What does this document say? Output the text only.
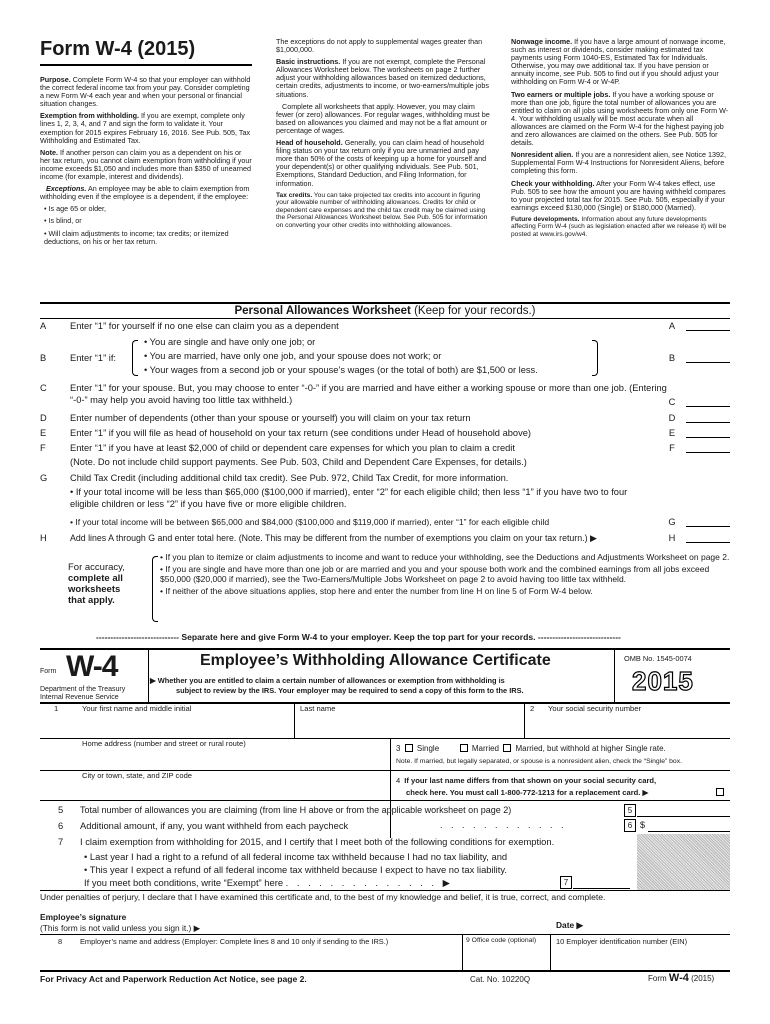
Form W-4 (2015)

Purpose. Complete Form W-4 so that your employer can withhold the correct federal income tax from your pay. Consider completing a new Form W-4 each year and when your personal or financial situation changes.

Exemption from withholding. If you are exempt, complete only lines 1, 2, 3, 4, and 7 and sign the form to validate it. Your exemption for 2015 expires February 16, 2016. See Pub. 505, Tax Withholding and Estimated Tax.

Note. If another person can claim you as a dependent on his or her tax return, you cannot claim exemption from withholding if your income exceeds $1,050 and includes more than $350 of unearned income (for example, interest and dividends).

Exceptions. An employee may be able to claim exemption from withholding even if the employee is a dependent, if the employee:

• Is age 65 or older,

• Is blind, or

• Will claim adjustments to income; tax credits; or itemized deductions, on his or her tax return.

The exceptions do not apply to supplemental wages greater than $1,000,000.

Basic instructions. If you are not exempt, complete the Personal Allowances Worksheet below. The worksheets on page 2 further adjust your withholding allowances based on itemized deductions, certain credits, adjustments to income, or two-earners/multiple jobs situations.

Complete all worksheets that apply. However, you may claim fewer (or zero) allowances. For regular wages, withholding must be based on allowances you claimed and may not be a flat amount or percentage of wages.

Head of household. Generally, you can claim head of household filing status on your tax return only if you are unmarried and pay more than 50% of the costs of keeping up a home for yourself and your dependent(s) or other qualifying individuals. See Pub. 501, Exemptions, Standard Deduction, and Filing Information, for information.

Tax credits. You can take projected tax credits into account in figuring your allowable number of withholding allowances. Credits for child or dependent care expenses and the child tax credit may be claimed using the Personal Allowances Worksheet below. See Pub. 505 for information on converting your other credits into withholding allowances.

Nonwage income. If you have a large amount of nonwage income, such as interest or dividends, consider making estimated tax payments using Form 1040-ES, Estimated Tax for Individuals. Otherwise, you may owe additional tax. If you have pension or annuity income, see Pub. 505 to find out if you should adjust your withholding on Form W-4 or W-4P.

Two earners or multiple jobs. If you have a working spouse or more than one job, figure the total number of allowances you are entitled to claim on all jobs using worksheets from only one Form W-4. Your withholding usually will be most accurate when all allowances are claimed on the Form W-4 for the highest paying job and zero allowances are claimed on the others. See Pub. 505 for details.

Nonresident alien. If you are a nonresident alien, see Notice 1392, Supplemental Form W-4 Instructions for Nonresident Aliens, before completing this form.

Check your withholding. After your Form W-4 takes effect, use Pub. 505 to see how the amount you are having withheld compares to your projected total tax for 2015. See Pub. 505, especially if your earnings exceed $130,000 (Single) or $180,000 (Married).

Future developments. Information about any future developments affecting Form W-4 (such as legislation enacted after we release it) will be posted at www.irs.gov/w4.

Personal Allowances Worksheet (Keep for your records.)
A	Enter “1” for yourself if no one else can claim you as a dependent	A
B	Enter “1” if:
• You are single and have only one job; or
• You are married, have only one job, and your spouse does not work; or
• Your wages from a second job or your spouse’s wages (or the total of both) are $1,500 or less.
B
C	Enter “1” for your spouse. But, you may choose to enter “-0-” if you are married and have either a working spouse or more than one job. (Entering “-0-” may help you avoid having too little tax withheld.)	C
D	Enter number of dependents (other than your spouse or yourself) you will claim on your tax return	D
E	Enter “1” if you will file as head of household on your tax return (see conditions under Head of household above)	E
F	Enter “1” if you have at least $2,000 of child or dependent care expenses for which you plan to claim a credit
(Note. Do not include child support payments. See Pub. 503, Child and Dependent Care Expenses, for details.)
F
G	Child Tax Credit (including additional child tax credit). See Pub. 972, Child Tax Credit, for more information.
• If your total income will be less than $65,000 ($100,000 if married), enter “2” for each eligible child; then less “1” if you have two to four eligible children or less “2” if you have five or more eligible children.
• If your total income will be between $65,000 and $84,000 ($100,000 and $119,000 if married), enter “1” for each eligible child	G
H	Add lines A through G and enter total here. (Note. This may be different from the number of exemptions you claim on your tax return.) ▶	H
For accuracy,
complete all
worksheets
that apply.

• If you plan to itemize or claim adjustments to income and want to reduce your withholding, see the Deductions and Adjustments Worksheet on page 2.

• If you are single and have more than one job or are married and you and your spouse both work and the combined earnings from all jobs exceed $50,000 ($20,000 if married), see the Two-Earners/Multiple Jobs Worksheet on page 2 to avoid having too little tax withheld.

• If neither of the above situations applies, stop here and enter the number from line H on line 5 of Form W-4 below.

----------------------------- Separate here and give Form W-4 to your employer. Keep the top part for your records. -----------------------------
Form W-4
Department of the Treasury
Internal Revenue Service
Employee’s Withholding Allowance Certificate
▶ Whether you are entitled to claim a certain number of allowances or exemption from withholding is
subject to review by the IRS. Your employer may be required to send a copy of this form to the IRS.
OMB No. 1545-0074
2015
1	Your first name and middle initial	Last name	2 Your social security number
Home address (number and street or rural route)
3 Single	Married Married, but withhold at higher Single rate.
Note. If married, but legally separated, or spouse is a nonresident alien, check the “Single” box.
City or town, state, and ZIP code
4 If your last name differs from that shown on your social security card,
check here. You must call 1-800-772-1213 for a replacement card. ▶
5 Total number of allowances you are claiming (from line H above or from the applicable worksheet on page 2)	5
6 Additional amount, if any, you want withheld from each paycheck	. . . . . . . . . . . .	6 $
7 I claim exemption from withholding for 2015, and I certify that I meet both of the following conditions for exemption.
• Last year I had a right to a refund of all federal income tax withheld because I had no tax liability, and
• This year I expect a refund of all federal income tax withheld because I expect to have no tax liability.
If you meet both conditions, write “Exempt” here . . . . . . . . . . . . . . ▶	7
Under penalties of perjury, I declare that I have examined this certificate and, to the best of my knowledge and belief, it is true, correct, and complete.
Employee’s signature
(This form is not valid unless you sign it.) ▶	Date ▶
8 Employer’s name and address (Employer: Complete lines 8 and 10 only if sending to the IRS.)	9 Office code (optional)	10 Employer identification number (EIN)
For Privacy Act and Paperwork Reduction Act Notice, see page 2.	Cat. No. 10220Q	Form W-4 (2015)
